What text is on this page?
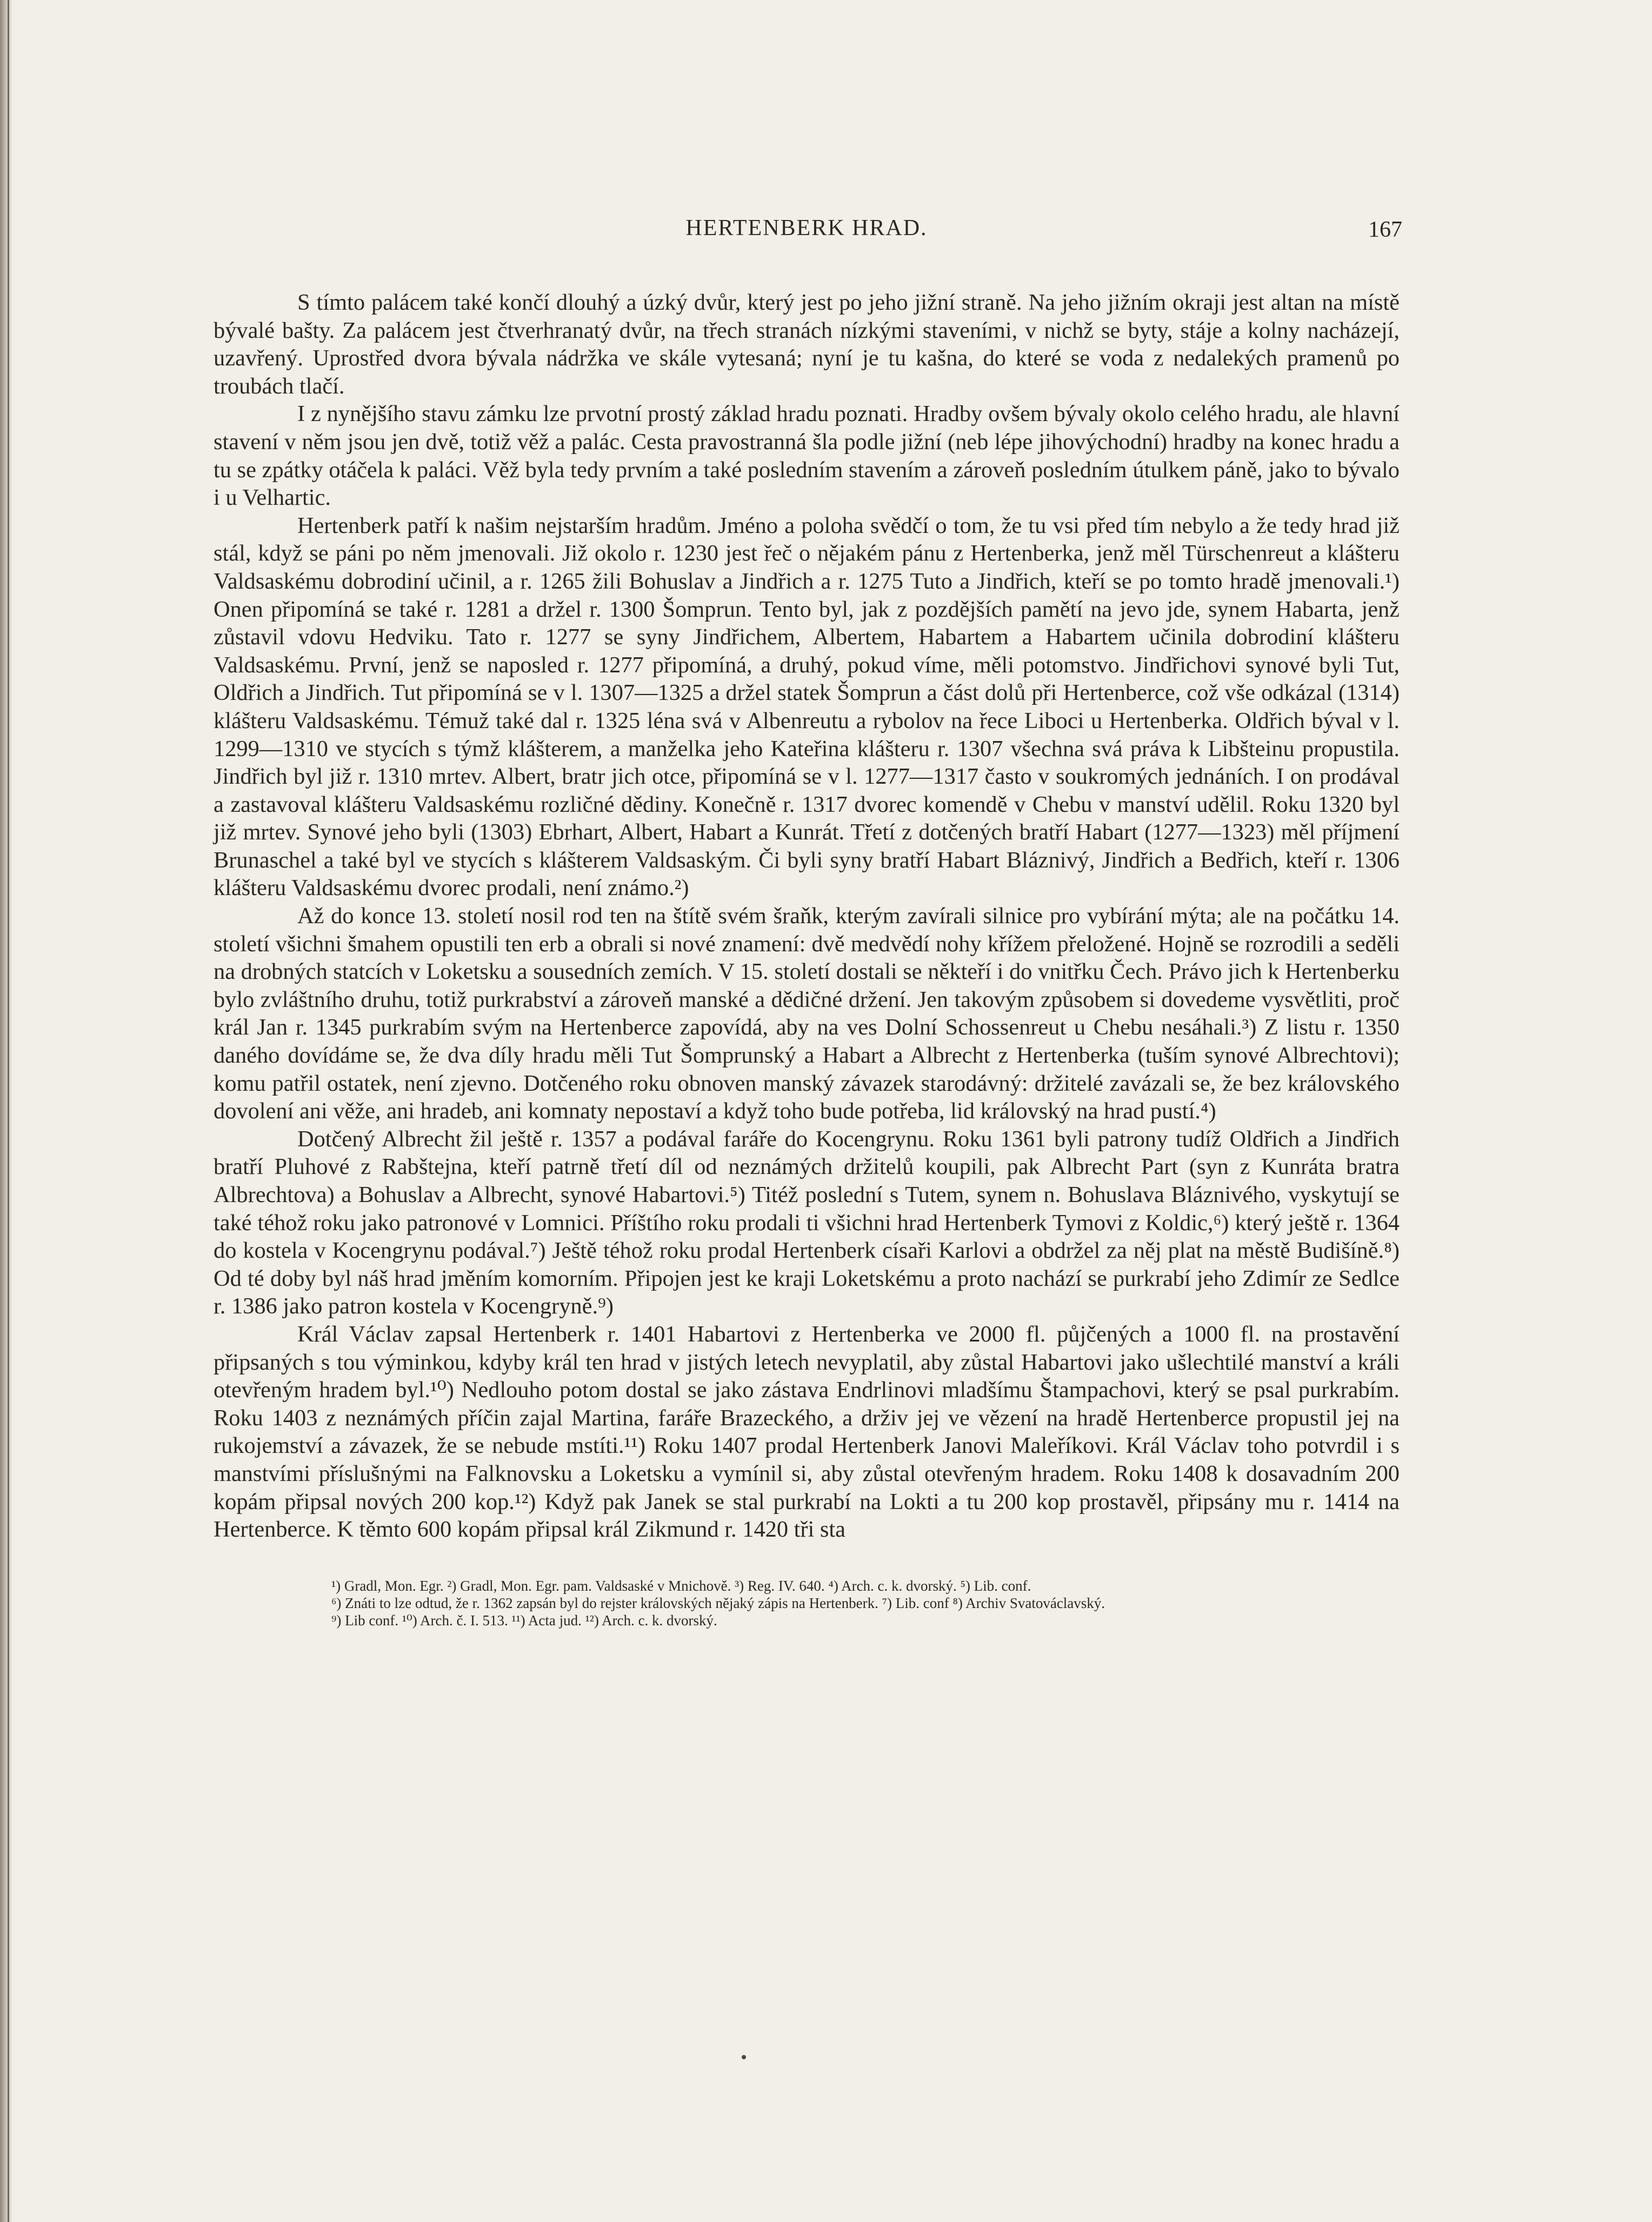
HERTENBERK HRAD.	167

S tímto palácem také končí dlouhý a úzký dvůr, který jest po jeho jižní straně. Na jeho jižním okraji jest altan na místě bývalé bašty. Za palácem jest čtverhranatý dvůr, na třech stranách nízkými staveními, v nichž se byty, stáje a kolny nacházejí, uzavřený. Uprostřed dvora bývala nádržka ve skále vytesaná; nyní je tu kašna, do které se voda z nedalekých pramenů po troubách tlačí.

I z nynějšího stavu zámku lze prvotní prostý základ hradu poznati. Hradby ovšem bývaly okolo celého hradu, ale hlavní stavení v něm jsou jen dvě, totiž věž a palác. Cesta pravostranná šla podle jižní (neb lépe jihovýchodní) hradby na konec hradu a tu se zpátky otáčela k paláci. Věž byla tedy prvním a také posledním stavením a zároveň posledním útulkem páně, jako to bývalo i u Velhartic.

Hertenberk patří k našim nejstarším hradům. Jméno a poloha svědčí o tom, že tu vsi před tím nebylo a že tedy hrad již stál, když se páni po něm jmenovali. Již okolo r. 1230 jest řeč o nějakém pánu z Hertenberka, jenž měl Türschenreut a klášteru Valdsaskému dobrodiní učinil, a r. 1265 žili Bohuslav a Jindřich a r. 1275 Tuto a Jindřich, kteří se po tomto hradě jmenovali.¹) Onen připomíná se také r. 1281 a držel r. 1300 Šomprun. Tento byl, jak z pozdějších pamětí na jevo jde, synem Habarta, jenž zůstavil vdovu Hedviku. Tato r. 1277 se syny Jindřichem, Albertem, Habartem a Habartem učinila dobrodiní klášteru Valdsaskému. První, jenž se naposled r. 1277 připomíná, a druhý, pokud víme, měli potomstvo. Jindřichovi synové byli Tut, Oldřich a Jindřich. Tut připomíná se v l. 1307—1325 a držel statek Šomprun a část dolů při Hertenberce, což vše odkázal (1314) klášteru Valdsaskému. Témuž také dal r. 1325 léna svá v Albenreutu a rybolov na řece Liboci u Hertenberka. Oldřich býval v l. 1299—1310 ve stycích s týmž klášterem, a manželka jeho Kateřina klášteru r. 1307 všechna svá práva k Libšteinu propustila. Jindřich byl již r. 1310 mrtev. Albert, bratr jich otce, připomíná se v l. 1277—1317 často v soukromých jednáních. I on prodával a zastavoval klášteru Valdsaskému rozličné dědiny. Konečně r. 1317 dvorec komendě v Chebu v manství udělil. Roku 1320 byl již mrtev. Synové jeho byli (1303) Ebrhart, Albert, Habart a Kunrát. Třetí z dotčených bratří Habart (1277—1323) měl příjmení Brunaschel a také byl ve stycích s klášterem Valdsaským. Či byli syny bratří Habart Bláznivý, Jindřich a Bedřich, kteří r. 1306 klášteru Valdsaskému dvorec prodali, není známo.²)

Až do konce 13. století nosil rod ten na štítě svém šraňk, kterým zavírali silnice pro vybírání mýta; ale na počátku 14. století všichni šmahem opustili ten erb a obrali si nové znamení: dvě medvědí nohy křížem přeložené. Hojně se rozrodili a seděli na drobných statcích v Loketsku a sousedních zemích. V 15. století dostali se někteří i do vnitřku Čech. Právo jich k Hertenberku bylo zvláštního druhu, totiž purkrabství a zároveň manské a dědičné držení. Jen takovým způsobem si dovedeme vysvětliti, proč král Jan r. 1345 purkrabím svým na Hertenberce zapovídá, aby na ves Dolní Schossenreut u Chebu nesáhali.³) Z listu r. 1350 daného dovídáme se, že dva díly hradu měli Tut Šomprunský a Habart a Albrecht z Hertenberka (tuším synové Albrechtovi); komu patřil ostatek, není zjevno. Dotčeného roku obnoven manský závazek starodávný: držitelé zavázali se, že bez královského dovolení ani věže, ani hradeb, ani komnaty nepostaví a když toho bude potřeba, lid královský na hrad pustí.⁴)

Dotčený Albrecht žil ještě r. 1357 a podával faráře do Kocengrynu. Roku 1361 byli patrony tudíž Oldřich a Jindřich bratří Pluhové z Rabštejna, kteří patrně třetí díl od neznámých držitelů koupili, pak Albrecht Part (syn z Kunráta bratra Albrechtova) a Bohuslav a Albrecht, synové Habartovi.⁵) Titéž poslední s Tutem, synem n. Bohuslava Bláznivého, vyskytují se také téhož roku jako patronové v Lomnici. Příštího roku prodali ti všichni hrad Hertenberk Tymovi z Koldic,⁶) který ještě r. 1364 do kostela v Kocengrynu podával.⁷) Ještě téhož roku prodal Hertenberk císaři Karlovi a obdržel za něj plat na městě Budišíně.⁸) Od té doby byl náš hrad jměním komorním. Připojen jest ke kraji Loketskému a proto nachází se purkrabí jeho Zdimír ze Sedlce r. 1386 jako patron kostela v Kocengryně.⁹)

Král Václav zapsal Hertenberk r. 1401 Habartovi z Hertenberka ve 2000 fl. půjčených a 1000 fl. na prostavění připsaných s tou výminkou, kdyby král ten hrad v jistých letech nevyplatil, aby zůstal Habartovi jako ušlechtilé manství a králi otevřeným hradem byl.¹⁰) Nedlouho potom dostal se jako zástava Endrlinovi mladšímu Štampachovi, který se psal purkrabím. Roku 1403 z neznámých příčin zajal Martina, faráře Brazeckého, a drživ jej ve vězení na hradě Hertenberce propustil jej na rukojemství a závazek, že se nebude mstíti.¹¹) Roku 1407 prodal Hertenberk Janovi Maleříkovi. Král Václav toho potvrdil i s manstvími příslušnými na Falknovsku a Loketsku a vymínil si, aby zůstal otevřeným hradem. Roku 1408 k dosavadním 200 kopám připsal nových 200 kop.¹²) Když pak Janek se stal purkrabí na Lokti a tu 200 kop prostavěl, připsány mu r. 1414 na Hertenberce. K těmto 600 kopám připsal král Zikmund r. 1420 tři sta

¹) Gradl, Mon. Egr. ²) Gradl, Mon. Egr. pam. Valdsaské v Mnichově. ³) Reg. IV. 640. ⁴) Arch. c. k. dvorský. ⁵) Lib. conf.
⁶) Znáti to lze odtud, že r. 1362 zapsán byl do rejster královských nějaký zápis na Hertenberk. ⁷) Lib. conf ⁸) Archiv Svatováclavský.
⁹) Lib conf. ¹⁰) Arch. č. I. 513. ¹¹) Acta jud. ¹²) Arch. c. k. dvorský.
